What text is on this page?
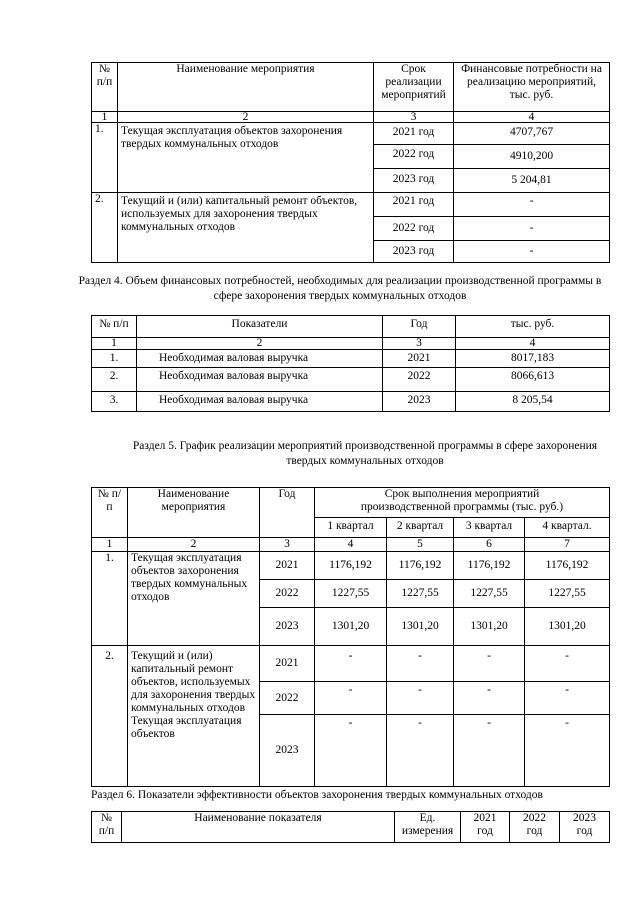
№ п/п	Наименование мероприятия	Срок реализации мероприятий	Финансовые потребности на реализацию мероприятий, тыс. руб.
1	2	3	4
1.	Текущая эксплуатация объектов захоронения твердых коммунальных отходов	2021 год	4707,767
		2022 год	4910,200
		2023 год	5 204,81
2.	Текущий и (или) капитальный ремонт объектов, используемых для захоронения твердых коммунальных отходов	2021 год	-
		2022 год	-
		2023 год	-
Раздел 4. Объем финансовых потребностей, необходимых для реализации производственной программы в сфере захоронения твердых коммунальных отходов
№ п/п	Показатели	Год	тыс. руб.
1	2	3	4
1.	Необходимая валовая выручка	2021	8017,183
2.	Необходимая валовая выручка	2022	8066,613
3.	Необходимая валовая выручка	2023	8 205,54
Раздел 5. График реализации мероприятий производственной программы в сфере захоронения твердых коммунальных отходов
№ п/п	Наименование мероприятия	Год	Срок выполнения мероприятий производственной программы (тыс. руб.)			
			1 квартал	2 квартал	3 квартал	4 квартал.
1	2	3	4	5	6	7
1.	Текущая эксплуатация объектов захоронения твердых коммунальных отходов	2021	1176,192	1176,192	1176,192	1176,192
		2022	1227,55	1227,55	1227,55	1227,55
		2023	1301,20	1301,20	1301,20	1301,20
2.	Текущий и (или) капитальный ремонт объектов, используемых для захоронения твердых коммунальных отходов Текущая эксплуатация объектов	2021	-	-	-	-
		2022	-	-	-	-
		2023	-	-	-	-
Раздел 6. Показатели эффективности объектов захоронения твердых коммунальных отходов
№ п/п	Наименование показателя	Ед. измерения	2021 год	2022 год	2023 год
